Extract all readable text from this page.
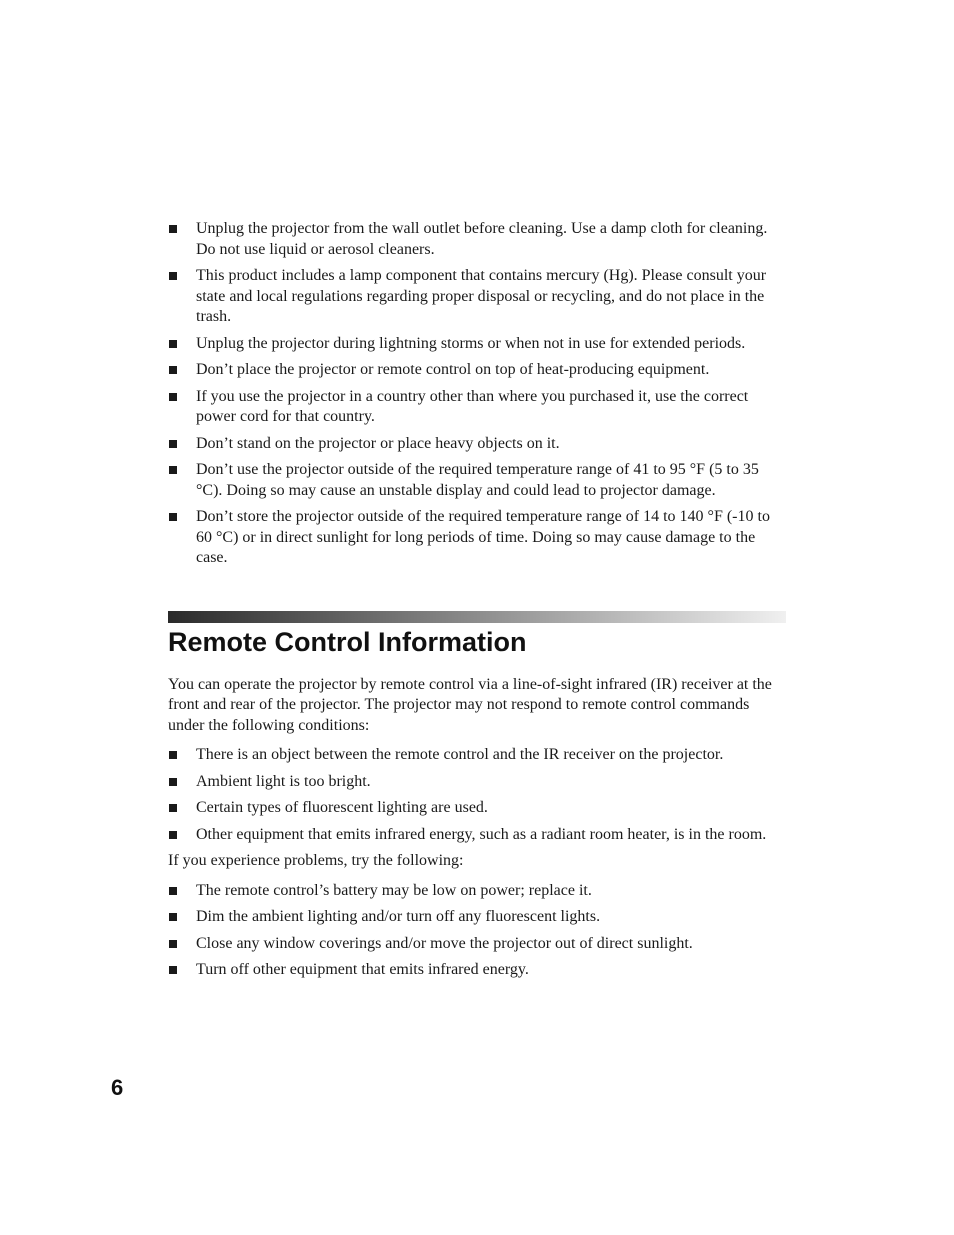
Unplug the projector from the wall outlet before cleaning. Use a damp cloth for cleaning. Do not use liquid or aerosol cleaners.
This product includes a lamp component that contains mercury (Hg). Please consult your state and local regulations regarding proper disposal or recycling, and do not place in the trash.
Unplug the projector during lightning storms or when not in use for extended periods.
Don’t place the projector or remote control on top of heat-producing equipment.
If you use the projector in a country other than where you purchased it, use the correct power cord for that country.
Don’t stand on the projector or place heavy objects on it.
Don’t use the projector outside of the required temperature range of 41 to 95 °F (5 to 35 °C). Doing so may cause an unstable display and could lead to projector damage.
Don’t store the projector outside of the required temperature range of 14 to 140 °F (-10 to 60 °C) or in direct sunlight for long periods of time. Doing so may cause damage to the case.
Remote Control Information

You can operate the projector by remote control via a line-of-sight infrared (IR) receiver at the front and rear of the projector. The projector may not respond to remote control commands under the following conditions:

There is an object between the remote control and the IR receiver on the projector.
Ambient light is too bright.
Certain types of fluorescent lighting are used.
Other equipment that emits infrared energy, such as a radiant room heater, is in the room.

If you experience problems, try the following:

The remote control’s battery may be low on power; replace it.
Dim the ambient lighting and/or turn off any fluorescent lights.
Close any window coverings and/or move the projector out of direct sunlight.
Turn off other equipment that emits infrared energy.
6
